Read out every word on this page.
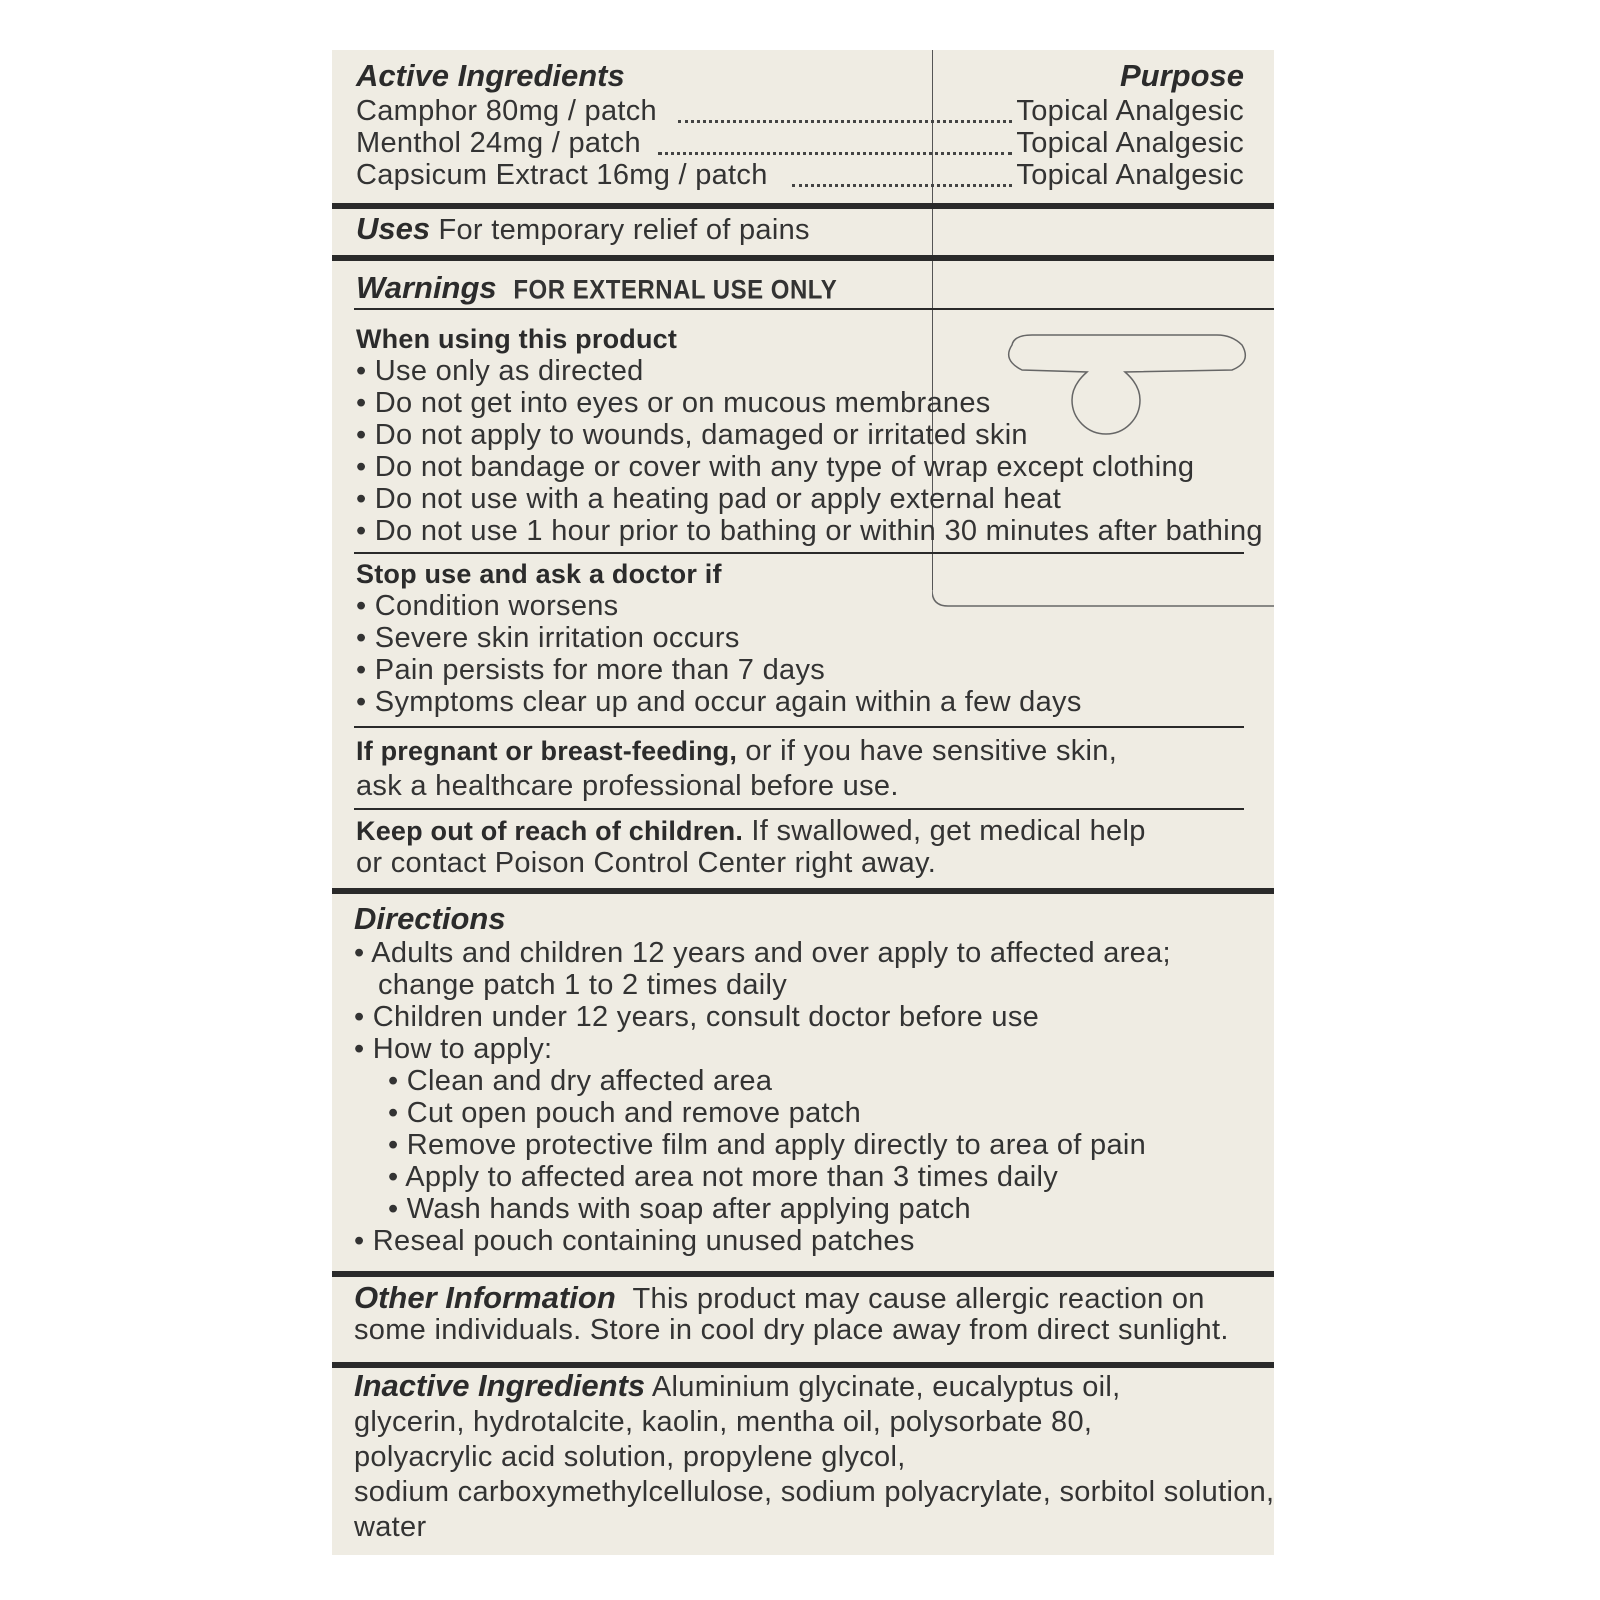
Active Ingredients	Purpose
Camphor 80mg / patch	Topical Analgesic
Menthol 24mg / patch	Topical Analgesic
Capsicum Extract 16mg / patch	Topical Analgesic
Uses For temporary relief of pains
Warnings FOR EXTERNAL USE ONLY
When using this product
• Use only as directed
• Do not get into eyes or on mucous membranes
• Do not apply to wounds, damaged or irritated skin
• Do not bandage or cover with any type of wrap except clothing
• Do not use with a heating pad or apply external heat
• Do not use 1 hour prior to bathing or within 30 minutes after bathing
Stop use and ask a doctor if
• Condition worsens
• Severe skin irritation occurs
• Pain persists for more than 7 days
• Symptoms clear up and occur again within a few days
If pregnant or breast-feeding, or if you have sensitive skin,
ask a healthcare professional before use.
Keep out of reach of children. If swallowed, get medical help
or contact Poison Control Center right away.
Directions
• Adults and children 12 years and over apply to affected area;
change patch 1 to 2 times daily
• Children under 12 years, consult doctor before use
• How to apply:
• Clean and dry affected area
• Cut open pouch and remove patch
• Remove protective film and apply directly to area of pain
• Apply to affected area not more than 3 times daily
• Wash hands with soap after applying patch
• Reseal pouch containing unused patches
Other Information This product may cause allergic reaction on
some individuals. Store in cool dry place away from direct sunlight.
Inactive Ingredients Aluminium glycinate, eucalyptus oil,
glycerin, hydrotalcite, kaolin, mentha oil, polysorbate 80,
polyacrylic acid solution, propylene glycol,
sodium carboxymethylcellulose, sodium polyacrylate, sorbitol solution,
water
